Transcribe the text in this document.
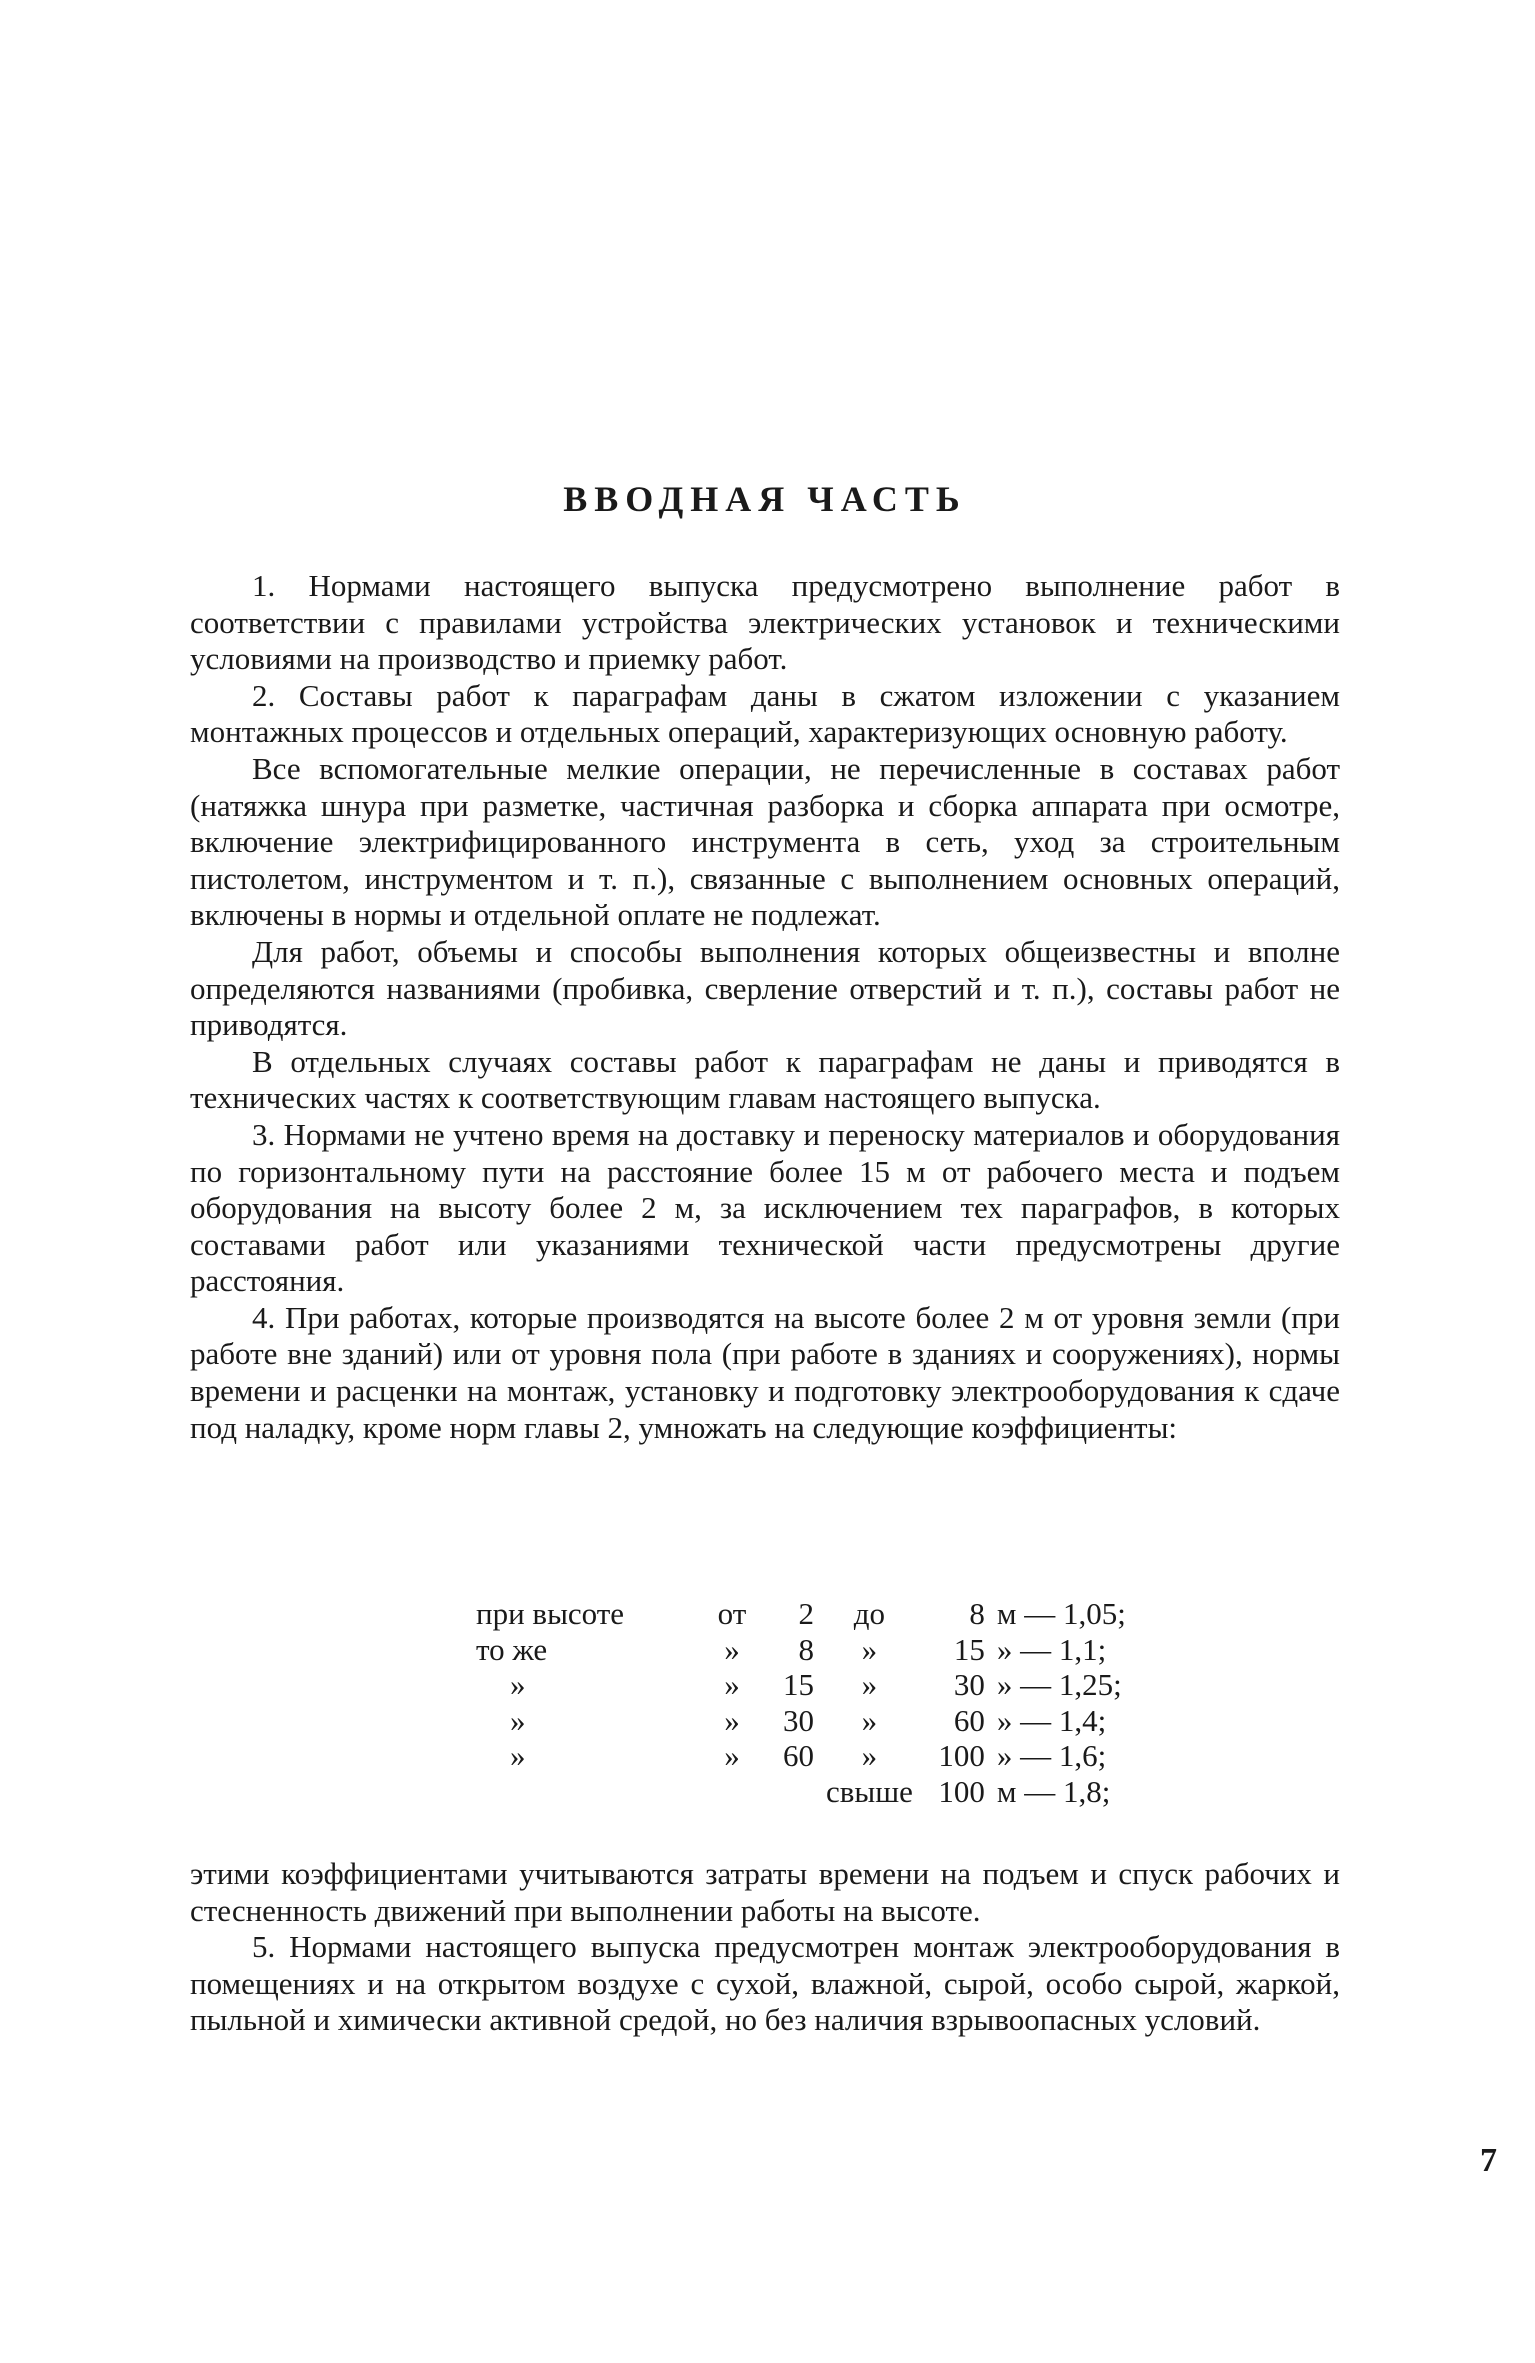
ВВОДНАЯ ЧАСТЬ

1. Нормами настоящего выпуска предусмотрено выполнение работ в соответствии с правилами устройства электрических установок и техническими условиями на производство и приемку работ.

2. Составы работ к параграфам даны в сжатом изложении с указанием монтажных процессов и отдельных операций, характеризующих основную работу.

Все вспомогательные мелкие операции, не перечисленные в составах работ (натяжка шнура при разметке, частичная разборка и сборка аппарата при осмотре, включение электрифицированного инструмента в сеть, уход за строительным пистолетом, инструментом и т. п.), связанные с выполнением основных операций, включены в нормы и отдельной оплате не подлежат.

Для работ, объемы и способы выполнения которых общеизвестны и вполне определяются названиями (пробивка, сверление отверстий и т. п.), составы работ не приводятся.

В отдельных случаях составы работ к параграфам не даны и приводятся в технических частях к соответствующим главам настоящего выпуска.

3. Нормами не учтено время на доставку и переноску материалов и оборудования по горизонтальному пути на расстояние более 15 м от рабочего места и подъем оборудования на высоту более 2 м, за исключением тех параграфов, в которых составами работ или указаниями технической части предусмотрены другие расстояния.

4. При работах, которые производятся на высоте более 2 м от уровня земли (при работе вне зданий) или от уровня пола (при работе в зданиях и сооружениях), нормы времени и расценки на монтаж, установку и подготовку электрооборудования к сдаче под наладку, кроме норм главы 2, умножать на следующие коэффициенты:

при высоте	от	2	до	8	м — 1,05;
то же	»	8	»	15	» — 1,1;
»	»	15	»	30	» — 1,25;
»	»	30	»	60	» — 1,4;
»	»	60	»	100	» — 1,6;
			свыше	100	м — 1,8;

этими коэффициентами учитываются затраты времени на подъем и спуск рабочих и стесненность движений при выполнении работы на высоте.

5. Нормами настоящего выпуска предусмотрен монтаж электрооборудования в помещениях и на открытом воздухе с сухой, влажной, сырой, особо сырой, жаркой, пыльной и химически активной средой, но без наличия взрывоопасных условий.

7
